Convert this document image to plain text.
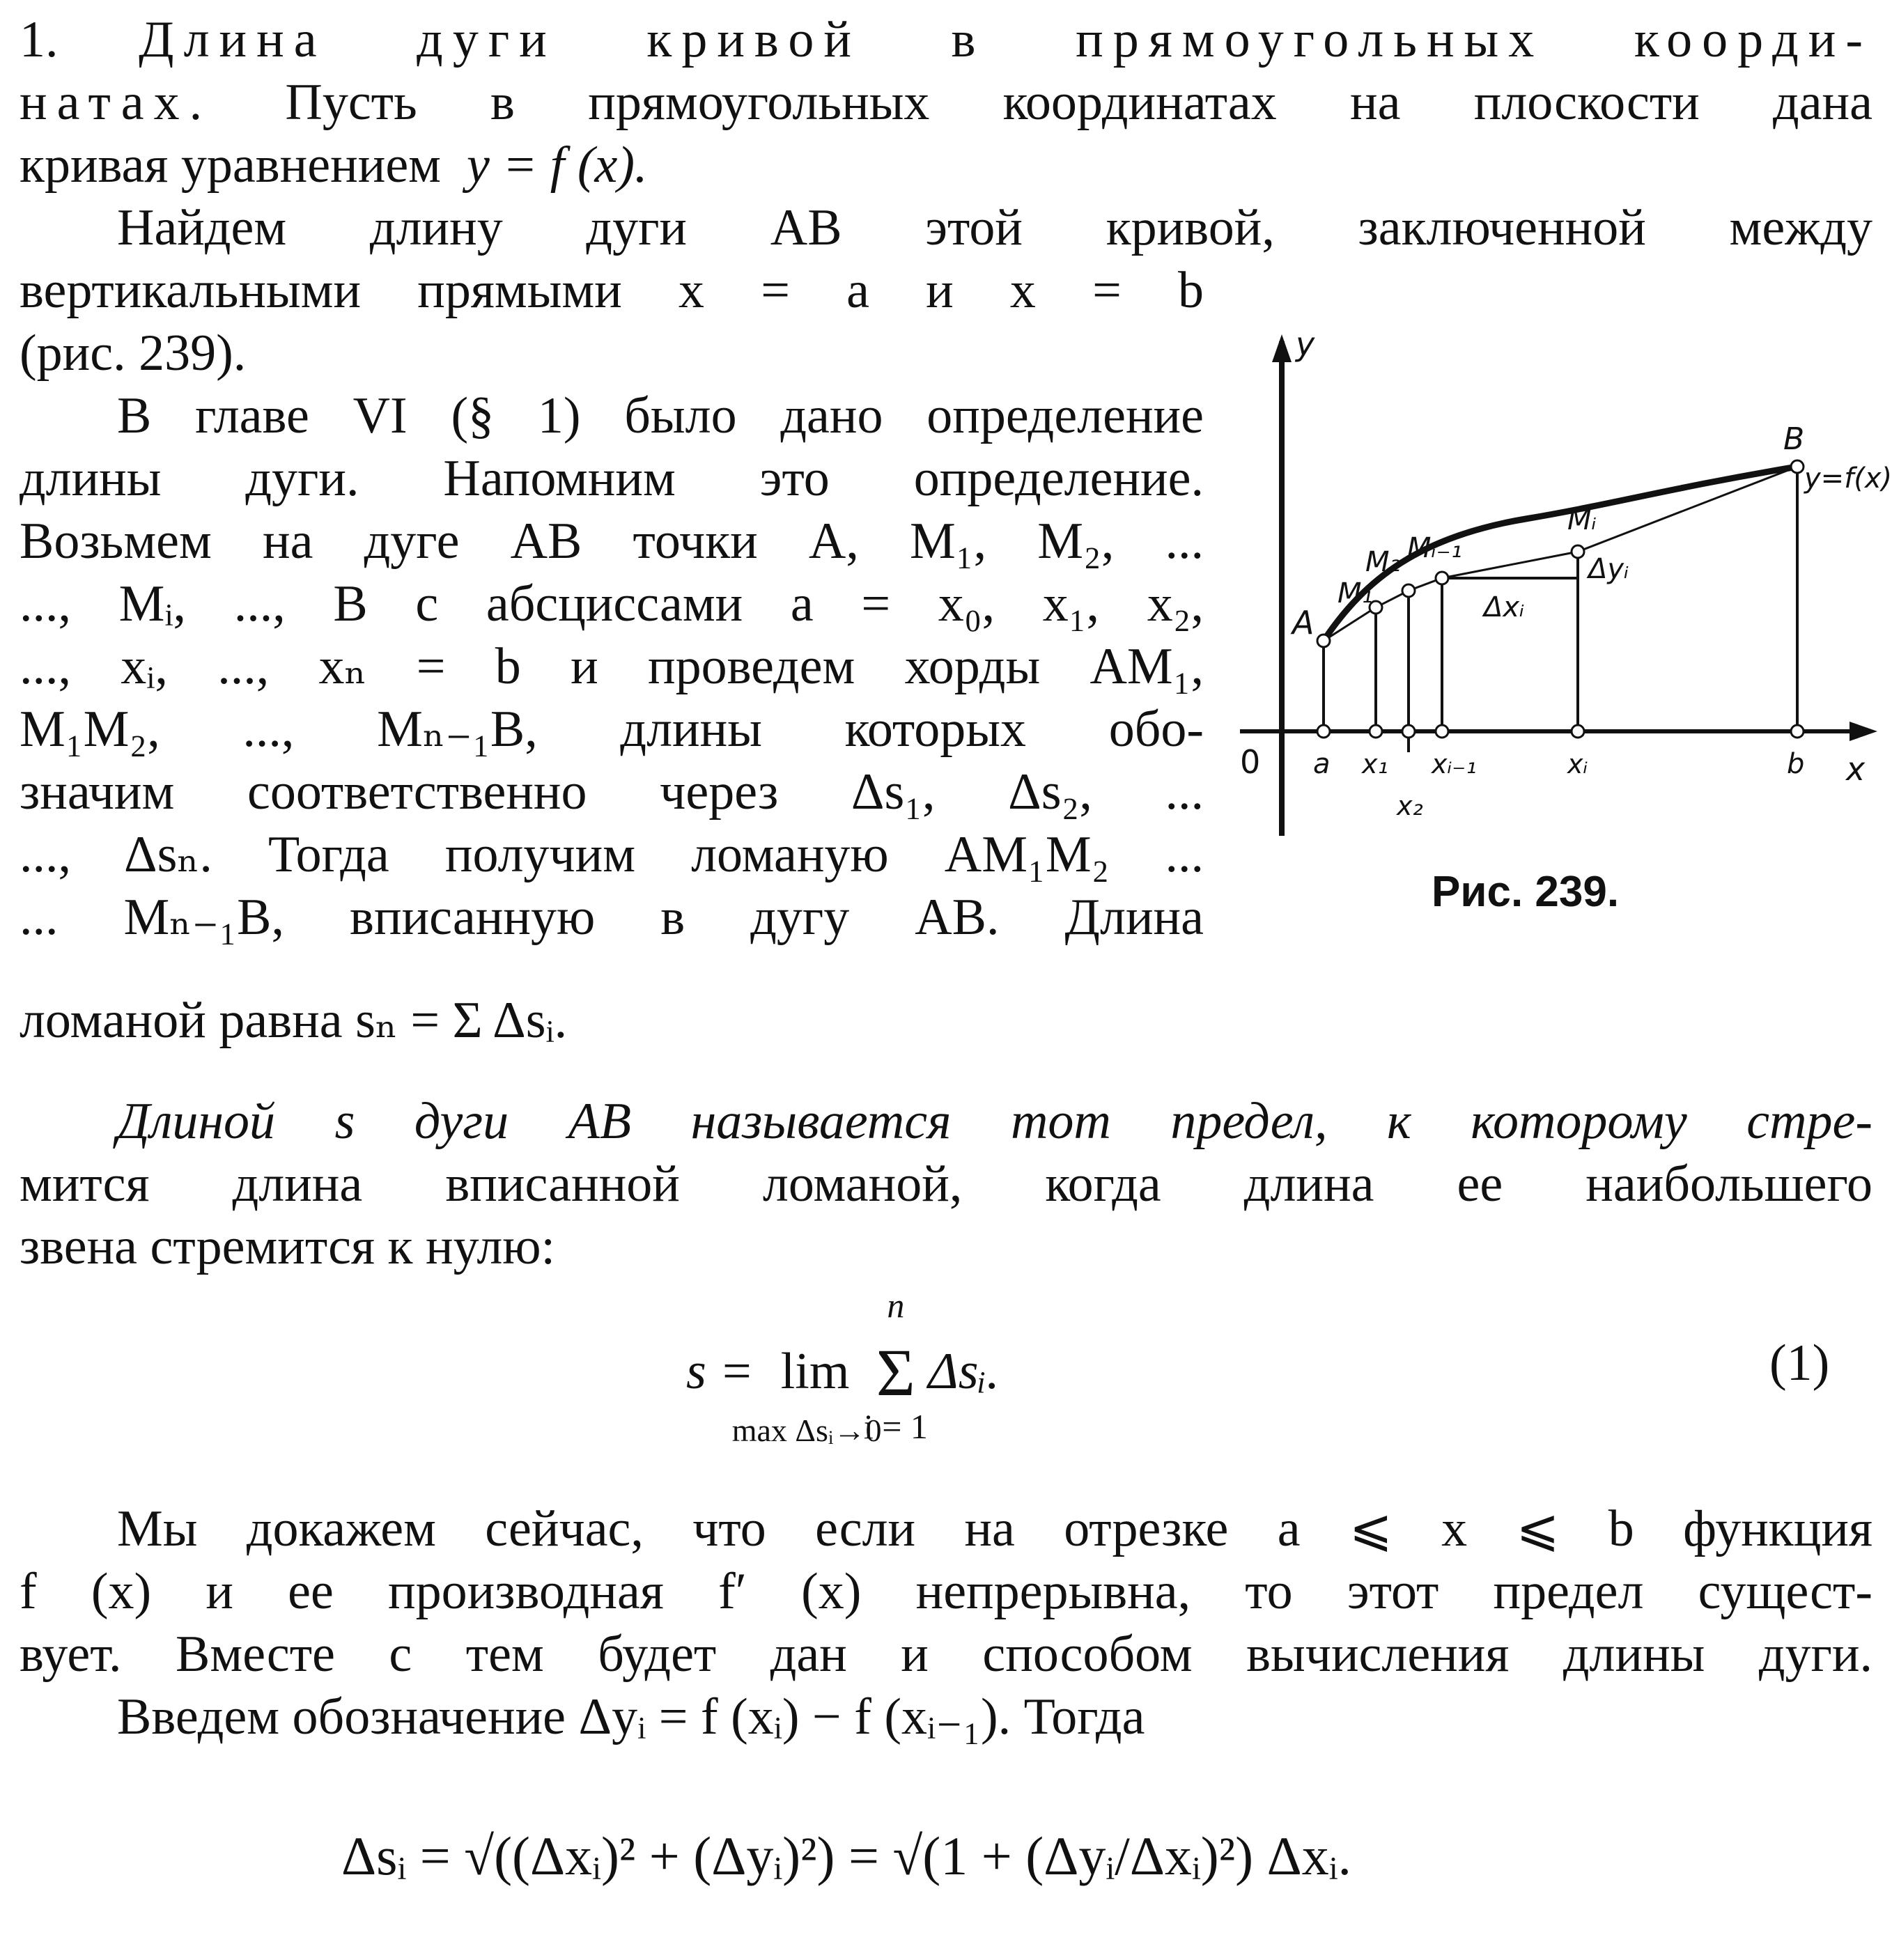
1. Длина дуги кривой в прямоугольных коорди-
натах. Пусть в прямоугольных координатах на плоскости дана
кривая уравнением y = f (x).
Найдем длину дуги AB этой кривой, заключенной между
вертикальными прямыми x = a и x = b
(рис. 239).
В главе VI (§ 1) было дано определение
длины дуги. Напомним это определение.
Возьмем на дуге AB точки A, M₁, M₂, ...
..., Mᵢ, ..., B с абсциссами a = x₀, x₁, x₂,
..., xᵢ, ..., xₙ = b и проведем хорды AM₁,
M₁M₂, ..., Mₙ₋₁B, длины которых обо-
значим соответственно через Δs₁, Δs₂, ...
..., Δsₙ. Тогда получим ломаную AM₁M₂ ...
... Mₙ₋₁B, вписанную в дугу AB. Длина
ломаной равна sₙ = Σ Δsᵢ.
Длиной s дуги AB называется тот предел, к которому стре-
мится длина вписанной ломаной, когда длина ее наибольшего
звена стремится к нулю:
s = lim
max Δsᵢ→0
Σ
n
i = 1
Δsᵢ.	(1)
Мы докажем сейчас, что если на отрезке a ⩽ x ⩽ b функция
f (x) и ее производная f′ (x) непрерывна, то этот предел сущест-
вует. Вместе с тем будет дан и способом вычисления длины дуги.
Введем обозначение Δyᵢ = f (xᵢ) − f (xᵢ₋₁). Тогда
Δsᵢ = √((Δxᵢ)² + (Δyᵢ)²) = √(1 + (Δyᵢ/Δxᵢ)²) Δxᵢ.
y
x
0
A
M₁
M₂ Mᵢ₋₁
Mᵢ
B
y=f(x)
Δxᵢ
Δyᵢ
a x₁
x₂
xᵢ₋₁	xᵢ	b
Рис. 239.
